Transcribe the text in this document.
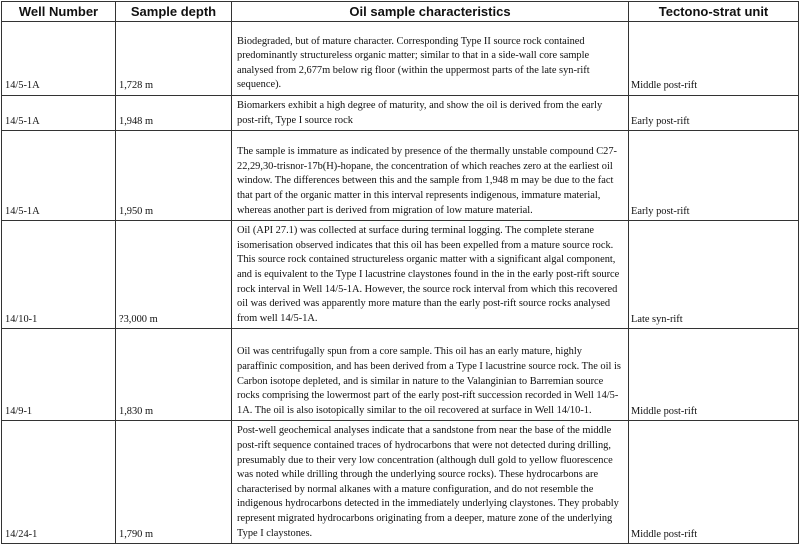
Well Number	Sample depth	Oil sample characteristics	Tectono-strat unit
14/5-1A	1,728 m	Biodegraded, but of mature character. Corresponding Type II source rock contained predominantly structureless organic matter; similar to that in a side-wall core sample analysed from 2,677m below rig floor (within the uppermost parts of the late syn-rift sequence).	Middle post-rift
14/5-1A	1,948 m	Biomarkers exhibit a high degree of maturity, and show the oil is derived from the early post-rift, Type I source rock	Early post-rift
14/5-1A	1,950 m	The sample is immature as indicated by presence of the thermally unstable compound C27-22,29,30-trisnor-17b(H)-hopane, the concentration of which reaches zero at the earliest oil window. The differences between this and the sample from 1,948 m may be due to the fact that part of the organic matter in this interval represents indigenous, immature material, whereas another part is derived from migration of low mature material.	Early post-rift
14/10-1	?3,000 m	Oil (API 27.1) was collected at surface during terminal logging. The complete sterane isomerisation observed indicates that this oil has been expelled from a mature source rock. This source rock contained structureless organic matter with a significant algal component, and is equivalent to the Type I lacustrine claystones found in the in the early post-rift source rock interval in Well 14/5-1A. However, the source rock interval from which this recovered oil was derived was apparently more mature than the early post-rift source rocks analysed from well 14/5-1A.	Late syn-rift
14/9-1	1,830 m	Oil was centrifugally spun from a core sample. This oil has an early mature, highly paraffinic composition, and has been derived from a Type I lacustrine source rock. The oil is Carbon isotope depleted, and is similar in nature to the Valanginian to Barremian source rocks comprising the lowermost part of the early post-rift succession recorded in Well 14/5-1A. The oil is also isotopically similar to the oil recovered at surface in Well 14/10-1.	Middle post-rift
14/24-1	1,790 m	Post-well geochemical analyses indicate that a sandstone from near the base of the middle post-rift sequence contained traces of hydrocarbons that were not detected during drilling, presumably due to their very low concentration (although dull gold to yellow fluorescence was noted while drilling through the underlying source rocks). These hydrocarbons are characterised by normal alkanes with a mature configuration, and do not resemble the indigenous hydrocarbons detected in the immediately underlying claystones. They probably represent migrated hydrocarbons originating from a deeper, mature zone of the underlying Type I claystones.	Middle post-rift
